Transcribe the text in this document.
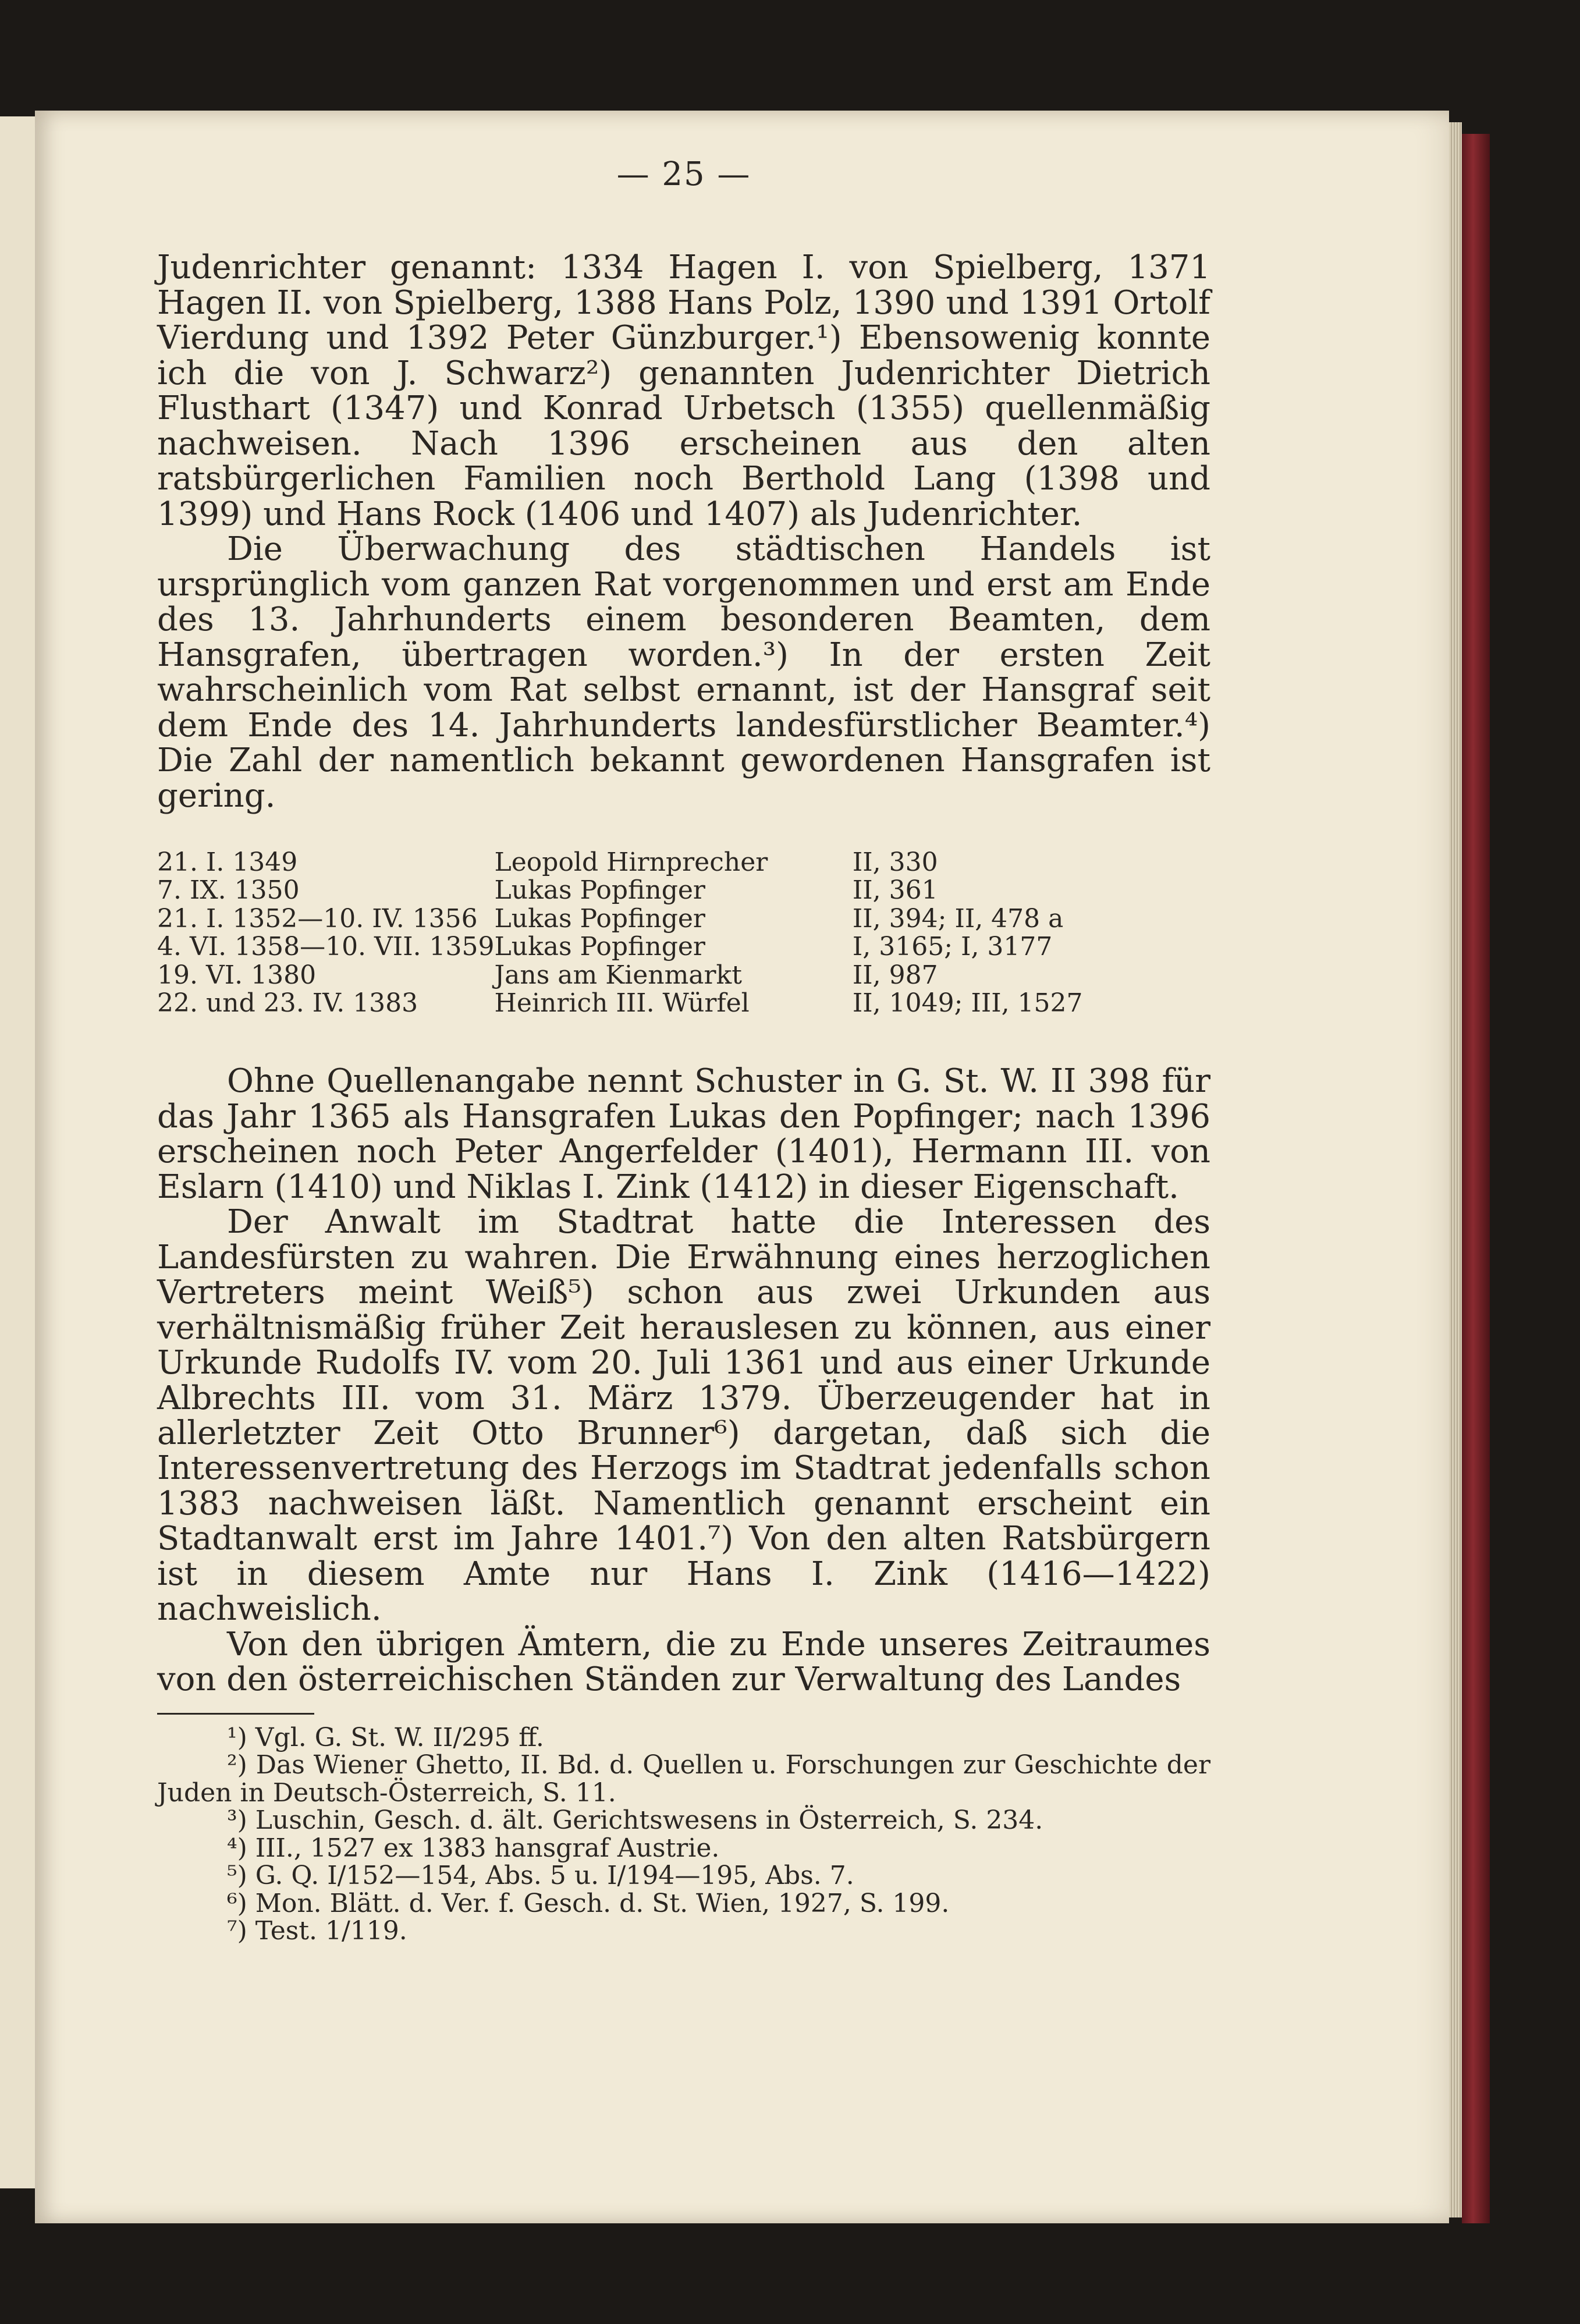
— 25 —

Judenrichter genannt: 1334 Hagen I. von Spielberg, 1371 Hagen II. von Spielberg, 1388 Hans Polz, 1390 und 1391 Ortolf Vierdung und 1392 Peter Günzburger.¹) Ebensowenig konnte ich die von J. Schwarz²) genannten Judenrichter Dietrich Flusthart (1347) und Konrad Urbetsch (1355) quellenmäßig nachweisen. Nach 1396 erscheinen aus den alten ratsbürgerlichen Familien noch Berthold Lang (1398 und 1399) und Hans Rock (1406 und 1407) als Judenrichter.

Die Überwachung des städtischen Handels ist ursprünglich vom ganzen Rat vorgenommen und erst am Ende des 13. Jahrhunderts einem besonderen Beamten, dem Hansgrafen, übertragen worden.³) In der ersten Zeit wahrscheinlich vom Rat selbst ernannt, ist der Hansgraf seit dem Ende des 14. Jahrhunderts landesfürstlicher Beamter.⁴) Die Zahl der namentlich bekannt gewordenen Hansgrafen ist gering.

21. I. 1349	Leopold Hirnprecher	II, 330
7. IX. 1350	Lukas Popfinger	II, 361
21. I. 1352—10. IV. 1356	Lukas Popfinger	II, 394; II, 478 a
4. VI. 1358—10. VII. 1359	Lukas Popfinger	I, 3165; I, 3177
19. VI. 1380	Jans am Kienmarkt	II, 987
22. und 23. IV. 1383	Heinrich III. Würfel	II, 1049; III, 1527

Ohne Quellenangabe nennt Schuster in G. St. W. II 398 für das Jahr 1365 als Hansgrafen Lukas den Popfinger; nach 1396 erscheinen noch Peter Angerfelder (1401), Hermann III. von Eslarn (1410) und Niklas I. Zink (1412) in dieser Eigenschaft.

Der Anwalt im Stadtrat hatte die Interessen des Landesfürsten zu wahren. Die Erwähnung eines herzoglichen Vertreters meint Weiß⁵) schon aus zwei Urkunden aus verhältnismäßig früher Zeit herauslesen zu können, aus einer Urkunde Rudolfs IV. vom 20. Juli 1361 und aus einer Urkunde Albrechts III. vom 31. März 1379. Überzeugender hat in allerletzter Zeit Otto Brunner⁶) dargetan, daß sich die Interessenvertretung des Herzogs im Stadtrat jedenfalls schon 1383 nachweisen läßt. Namentlich genannt erscheint ein Stadtanwalt erst im Jahre 1401.⁷) Von den alten Ratsbürgern ist in diesem Amte nur Hans I. Zink (1416—1422) nachweislich.

Von den übrigen Ämtern, die zu Ende unseres Zeitraumes von den österreichischen Ständen zur Verwaltung des Landes

¹) Vgl. G. St. W. II/295 ff.

²) Das Wiener Ghetto, II. Bd. d. Quellen u. Forschungen zur Geschichte der Juden in Deutsch-Österreich, S. 11.

³) Luschin, Gesch. d. ält. Gerichtswesens in Österreich, S. 234.

⁴) III., 1527 ex 1383 hansgraf Austrie.

⁵) G. Q. I/152—154, Abs. 5 u. I/194—195, Abs. 7.

⁶) Mon. Blätt. d. Ver. f. Gesch. d. St. Wien, 1927, S. 199.

⁷) Test. 1/119.
